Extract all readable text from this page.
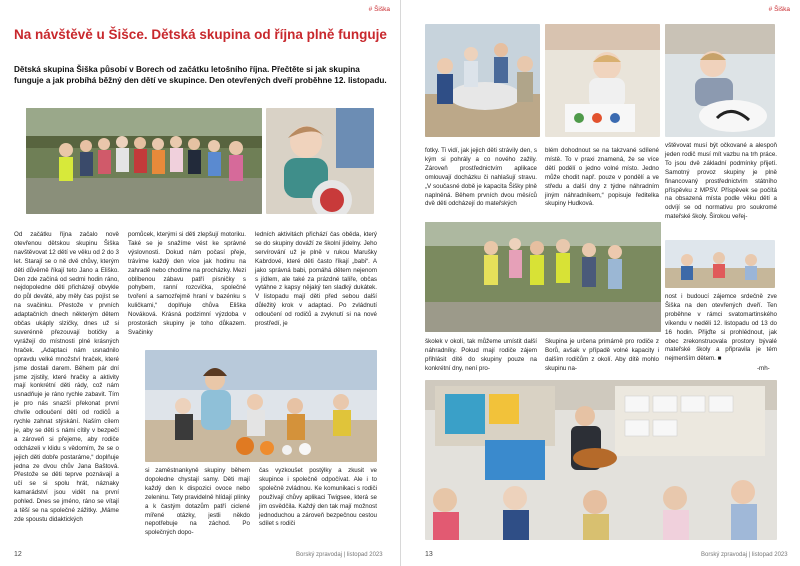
# Šiška
Na návštěvě u Šišce. Dětská skupina od října plně funguje

Dětská skupina Šiška působí v Borech od začátku letošního října. Přečtěte si jak skupina funguje a jak probíhá běžný den dětí ve skupince. Den otevřených dveří proběhne 12. listopadu.

Od začátku října začalo nově otevřenou dětskou skupinu Šiška navštěvovat 12 dětí ve věku od 2 do 3 let. Starají se o ně dvě chůvy, kterým děti důvěrně říkají teto Jano a Eliško. Den zde začíná od sedmi hodin ráno, nejdopoledne děti přicházejí obvykle do půl deváté, aby měly čas pojíst se na svačinku. Přestože v prvních adaptačních dnech některým dětem občas ukáply slzičky, dnes už si suverénně přezouvají botičky a vyrážejí do místnosti plné krásných hraček. „Adaptaci nám usnadnilo opravdu velké množství hraček, které jsme dostali darem. Během pár dní jsme zjistily, které hračky a aktivity mají konkrétní děti rády, což nám usnadňuje je ráno rychle zabavit. Tím je pro nás snazší překonat první chvíle odloučení dětí od rodičů a rychle zahnat stýskání. Naším cílem je, aby se děti s námi cítily v bezpečí a zároveň si přejeme, aby rodiče odcházeli v klidu s vědomím, že se o jejich děti dobře postaráme,“ doplňuje jedna ze dvou chův Jana Baštová. Přestože se děti teprve poznávají a učí se si spolu hrát, náznaky kamarádství jsou vidět na první pohled. Dnes se jméno, ráno se vítají a těší se na společné zážitky. „Máme zde spoustu didaktických
pomůcek, kterými si děti zlepšují motoriku. Také se je snažíme vést ke správné výslovnosti. Dokud nám počasí přeje, trávíme každý den více jak hodinu na zahradě nebo chodíme na procházky. Mezi oblíbenou zábavu patří písničky s pohybem, ranní rozcvička, společné tvoření a samozřejmě hraní v bazénku s kuličkami,“ doplňuje chůva Eliška Nováková. Krásná podzimní výzdoba v prostorách skupiny je toho důkazem. Svačinky
ledních aktivitách přichází čas oběda, který se do skupiny dováží ze školní jídelny. Jeho servírování už je plně v rukou Marušky Kabrdové, které děti často říkají „babi“. A jako správná babi, pomáhá dětem nejenom s jídlem, ale také za prázdné talíře, občas vytáhne z kapsy nějaký ten sladký dukátek. V listopadu mají děti před sebou další důležitý krok v adaptaci. Po zvládnutí odloučení od rodičů a zvyknutí si na nové prostředí, je
si zaměstnankyně skupiny během dopoledne chystají samy. Děti mají každý den k dispozici ovoce nebo zeleninu. Tety pravidelně hlídají plínky a k častým dotazům patří ciclené mířené otázky, jestli někdo nepotřebuje na záchod. Po společných dopo-
čas vyzkoušet postýlky a zkusit ve skupince i společně odpočívat. Ale i to společně zvládnou. Ke komunikaci s rodiči používají chůvy aplikaci Twigsee, která se jim osvědčila. Každý den tak mají možnost jednoduchou a zároveň bezpečnou cestou sdílet s rodiči
12	Borský zpravodaj | listopad 2023
# Šiška
fotky. Ti vidí, jak jejich děti strávily den, s kým si pohrály a co nového zažily. Zároveň prostřednictvím aplikace omlouvají docházku či nahlašují stravu. „V současné době je kapacita Šišky plně naplněná. Během prvních dvou měsíců dvě děti odcházejí do mateřských
blém dohodnout se na takzvané sdílené místě. To v praxi znamená, že se více dětí podělí o jedno volné místo. Jedno může chodit např. pouze v pondělí a ve středu a další dny z týdne náhradním jiným náhradníkem,“ popisuje ředitelka skupiny Hudková.
vštěvovat musí být očkované a alespoň jeden rodič musí mít vazbu na trh práce. To jsou dvě základní podmínky přijetí. Samotný provoz skupiny je plně financovaný prostřednictvím státního příspěvku z MPSV. Příspěvek se počítá na obsazená místa podle věku dětí a odvíjí se od normativu pro soukromé mateřské školy. Širokou veřej-
nost i budoucí zájemce srdečně zve Šiška na den otevřených dveří. Ten proběhne v rámci svatomartinského víkendu v neděli 12. listopadu od 13 do 16 hodin. Přijďte si prohlédnout, jak obec zrekonstruovala prostory bývalé mateřské školy a připravila je tém nejmenším dětem. ■
školek v okolí, tak můžeme umístit další náhradníky. Pokud mají rodiče zájem přihlásit dítě do skupiny pouze na konkrétní dny, není pro-
Skupina je určena primárně pro rodiče z Borů, avšak v případě volné kapacity i dalším rodičům z okolí. Aby dítě mohlo skupinu na-	-mh-
13	Borský zpravodaj | listopad 2023
